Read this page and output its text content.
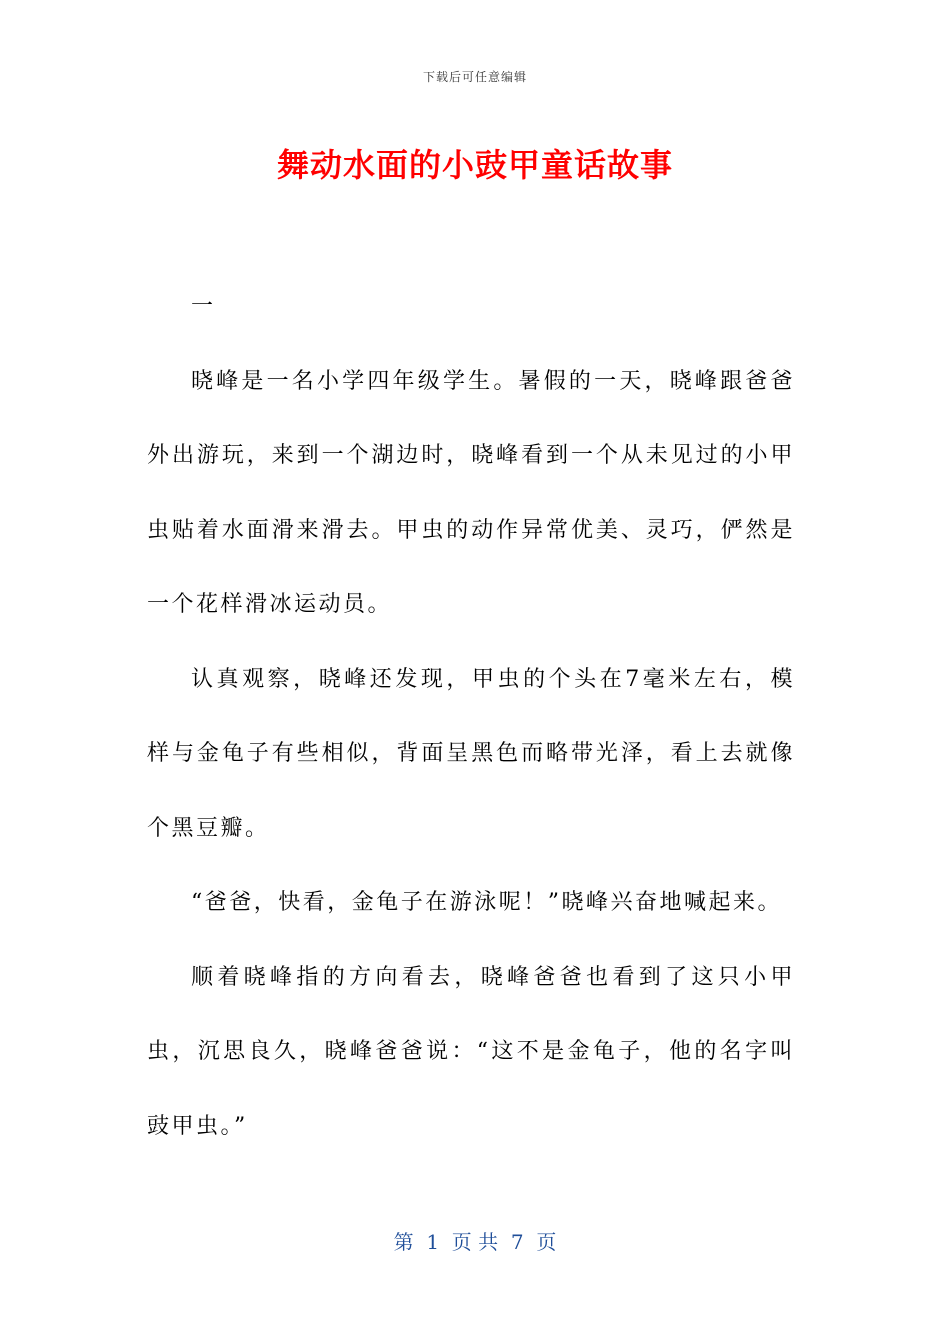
下载后可任意编辑
舞动水面的小豉甲童话故事

一

晓峰是一名小学四年级学生。暑假的一天，晓峰跟爸爸外出游玩，来到一个湖边时，晓峰看到一个从未见过的小甲虫贴着水面滑来滑去。甲虫的动作异常优美、灵巧，俨然是一个花样滑冰运动员。

认真观察，晓峰还发现，甲虫的个头在7毫米左右，模样与金龟子有些相似，背面呈黑色而略带光泽，看上去就像个黑豆瓣。

“爸爸，快看，金龟子在游泳呢！”晓峰兴奋地喊起来。

顺着晓峰指的方向看去，晓峰爸爸也看到了这只小甲虫，沉思良久，晓峰爸爸说：“这不是金龟子，他的名字叫豉甲虫。”

第  1  页 共  7  页
